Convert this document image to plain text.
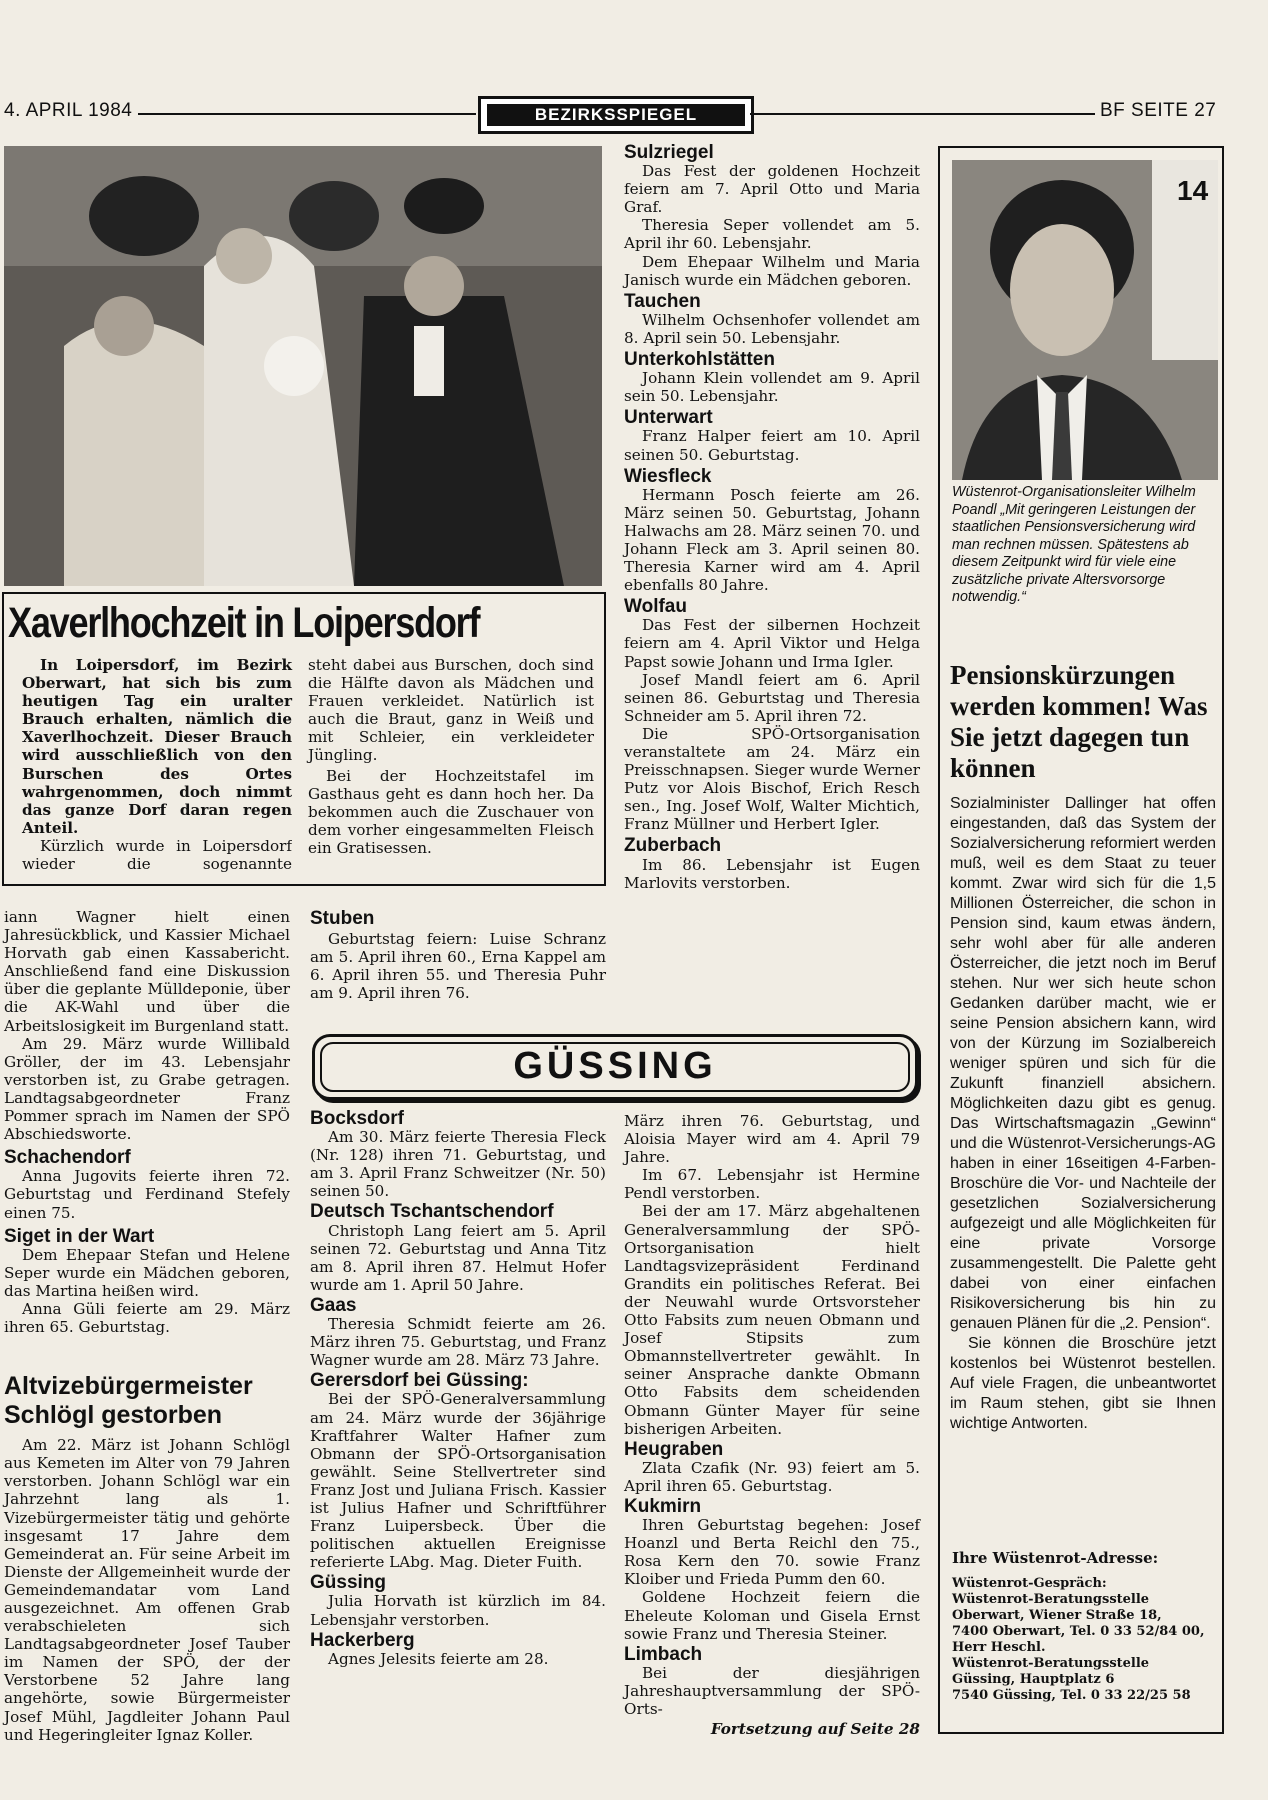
4. APRIL 1984	BEZIRKSSPIEGEL	BF SEITE 27
Xaverlhochzeit in Loipersdorf

In Loipersdorf, im Bezirk Oberwart, hat sich bis zum heutigen Tag ein uralter Brauch erhalten, nämlich die Xaverlhochzeit. Dieser Brauch wird ausschließlich von den Burschen des Ortes wahrgenommen, doch nimmt das ganze Dorf daran regen Anteil.

Kürzlich wurde in Loipersdorf wieder die sogenannte

steht dabei aus Burschen, doch sind die Hälfte davon als Mädchen und Frauen verkleidet. Natürlich ist auch die Braut, ganz in Weiß und mit Schleier, ein verkleideter Jüngling.

Bei der Hochzeitstafel im Gasthaus geht es dann hoch her. Da bekommen auch die Zuschauer von dem vorher eingesammelten Fleisch ein Gratisessen.

iann Wagner hielt einen Jahresückblick, und Kassier Michael Horvath gab einen Kassabericht. Anschließend fand eine Diskussion über die geplante Mülldeponie, über die AK-Wahl und über die Arbeitslosigkeit im Burgenland statt.

Am 29. März wurde Willibald Gröller, der im 43. Lebensjahr verstorben ist, zu Grabe getragen. Landtagsabgeordneter Franz Pommer sprach im Namen der SPÖ Abschiedsworte.

Schachendorf

Anna Jugovits feierte ihren 72. Geburtstag und Ferdinand Stefely einen 75.

Siget in der Wart

Dem Ehepaar Stefan und Helene Seper wurde ein Mädchen geboren, das Martina heißen wird.

Anna Güli feierte am 29. März ihren 65. Geburtstag.

Altvizebürgermeister Schlögl gestorben

Am 22. März ist Johann Schlögl aus Kemeten im Alter von 79 Jahren verstorben. Johann Schlögl war ein Jahrzehnt lang als 1. Vizebürgermeister tätig und gehörte insgesamt 17 Jahre dem Gemeinderat an. Für seine Arbeit im Dienste der Allgemeinheit wurde der Gemeindemandatar vom Land ausgezeichnet. Am offenen Grab verabschieleten sich Landtagsabgeordneter Josef Tauber im Namen der SPÖ, der der Verstorbene 52 Jahre lang angehörte, sowie Bürgermeister Josef Mühl, Jagdleiter Johann Paul und Hegeringleiter Ignaz Koller.

Stuben

Geburtstag feiern: Luise Schranz am 5. April ihren 60., Erna Kappel am 6. April ihren 55. und Theresia Puhr am 9. April ihren 76.

Sulzriegel

Das Fest der goldenen Hochzeit feiern am 7. April Otto und Maria Graf.

Theresia Seper vollendet am 5. April ihr 60. Lebensjahr.

Dem Ehepaar Wilhelm und Maria Janisch wurde ein Mädchen geboren.

Tauchen

Wilhelm Ochsenhofer vollendet am 8. April sein 50. Lebensjahr.

Unterkohlstätten

Johann Klein vollendet am 9. April sein 50. Lebensjahr.

Unterwart

Franz Halper feiert am 10. April seinen 50. Geburtstag.

Wiesfleck

Hermann Posch feierte am 26. März seinen 50. Geburtstag, Johann Halwachs am 28. März seinen 70. und Johann Fleck am 3. April seinen 80. Theresia Karner wird am 4. April ebenfalls 80 Jahre.

Wolfau

Das Fest der silbernen Hochzeit feiern am 4. April Viktor und Helga Papst sowie Johann und Irma Igler.

Josef Mandl feiert am 6. April seinen 86. Geburtstag und Theresia Schneider am 5. April ihren 72.

Die SPÖ-Ortsorganisation veranstaltete am 24. März ein Preisschnapsen. Sieger wurde Werner Putz vor Alois Bischof, Erich Resch sen., Ing. Josef Wolf, Walter Michtich, Franz Müllner und Herbert Igler.

Zuberbach

Im 86. Lebensjahr ist Eugen Marlovits verstorben.

GÜSSING
Bocksdorf

Am 30. März feierte Theresia Fleck (Nr. 128) ihren 71. Geburtstag, und am 3. April Franz Schweitzer (Nr. 50) seinen 50.

Deutsch Tschantschendorf

Christoph Lang feiert am 5. April seinen 72. Geburtstag und Anna Titz am 8. April ihren 87. Helmut Hofer wurde am 1. April 50 Jahre.

Gaas

Theresia Schmidt feierte am 26. März ihren 75. Geburtstag, und Franz Wagner wurde am 28. März 73 Jahre.

Gerersdorf bei Güssing:

Bei der SPÖ-Generalversammlung am 24. März wurde der 36jährige Kraftfahrer Walter Hafner zum Obmann der SPÖ-Ortsorganisation gewählt. Seine Stellvertreter sind Franz Jost und Juliana Frisch. Kassier ist Julius Hafner und Schriftführer Franz Luipersbeck. Über die politischen aktuellen Ereignisse referierte LAbg. Mag. Dieter Fuith.

Güssing

Julia Horvath ist kürzlich im 84. Lebensjahr verstorben.

Hackerberg

Agnes Jelesits feierte am 28.

März ihren 76. Geburtstag, und Aloisia Mayer wird am 4. April 79 Jahre.

Im 67. Lebensjahr ist Hermine Pendl verstorben.

Bei der am 17. März abgehaltenen Generalversammlung der SPÖ-Ortsorganisation hielt Landtagsvizepräsident Ferdinand Grandits ein politisches Referat. Bei der Neuwahl wurde Ortsvorsteher Otto Fabsits zum neuen Obmann und Josef Stipsits zum Obmannstellvertreter gewählt. In seiner Ansprache dankte Obmann Otto Fabsits dem scheidenden Obmann Günter Mayer für seine bisherigen Arbeiten.

Heugraben

Zlata Czafik (Nr. 93) feiert am 5. April ihren 65. Geburtstag.

Kukmirn

Ihren Geburtstag begehen: Josef Hoanzl und Berta Reichl den 75., Rosa Kern den 70. sowie Franz Kloiber und Frieda Pumm den 60.

Goldene Hochzeit feiern die Eheleute Koloman und Gisela Ernst sowie Franz und Theresia Steiner.

Limbach

Bei der diesjährigen Jahreshauptversammlung der SPÖ-Orts-

Fortsetzung auf Seite 28

14
Wüstenrot-Organisationsleiter Wilhelm Poandl „Mit geringeren Leistungen der staatlichen Pensionsversicherung wird man rechnen müssen. Spätestens ab diesem Zeitpunkt wird für viele eine zusätzliche private Altersvorsorge notwendig.“
Pensionskürzungen werden kommen! Was Sie jetzt dagegen tun können

Sozialminister Dallinger hat offen eingestanden, daß das System der Sozialversicherung reformiert werden muß, weil es dem Staat zu teuer kommt. Zwar wird sich für die 1,5 Millionen Österreicher, die schon in Pension sind, kaum etwas ändern, sehr wohl aber für alle anderen Österreicher, die jetzt noch im Beruf stehen. Nur wer sich heute schon Gedanken darüber macht, wie er seine Pension absichern kann, wird von der Kürzung im Sozialbereich weniger spüren und sich für die Zukunft finanziell absichern. Möglichkeiten dazu gibt es genug. Das Wirtschaftsmagazin „Gewinn“ und die Wüstenrot-Versicherungs-AG haben in einer 16seitigen 4-Farben-Broschüre die Vor- und Nachteile der gesetzlichen Sozialversicherung aufgezeigt und alle Möglichkeiten für eine private Vorsorge zusammengestellt. Die Palette geht dabei von einer einfachen Risikoversicherung bis hin zu genauen Plänen für die „2. Pension“.

Sie können die Broschüre jetzt kostenlos bei Wüstenrot bestellen. Auf viele Fragen, die unbeantwortet im Raum stehen, gibt sie Ihnen wichtige Antworten.

Ihre Wüstenrot-Adresse:
Wüstenrot-Gespräch:
Wüstenrot-Beratungsstelle
Oberwart, Wiener Straße 18,
7400 Oberwart, Tel. 0 33 52/84 00,
Herr Heschl.
Wüstenrot-Beratungsstelle
Güssing, Hauptplatz 6
7540 Güssing, Tel. 0 33 22/25 58
